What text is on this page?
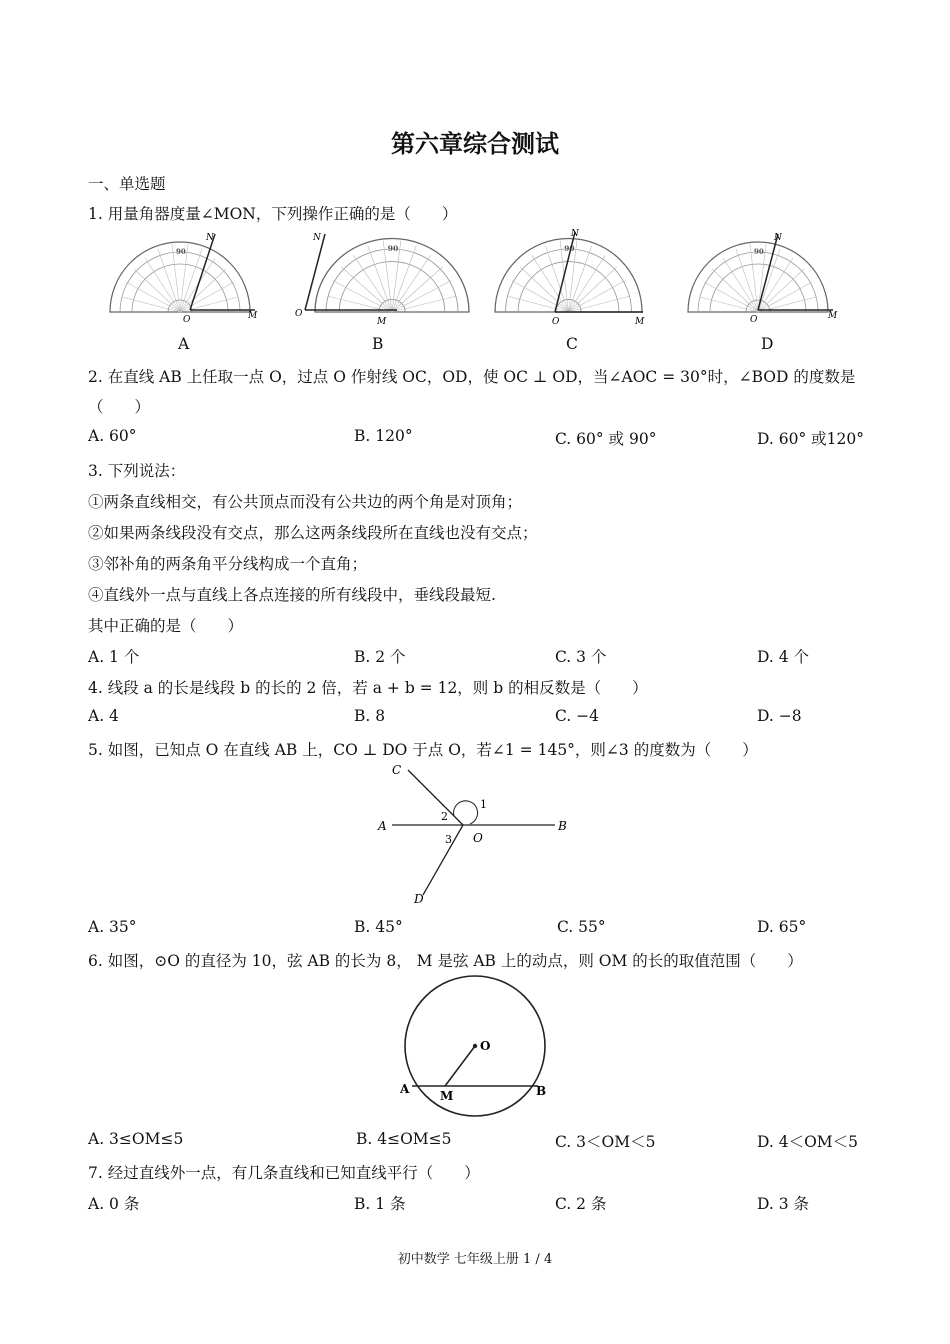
第六章综合测试
一、单选题
1. 用量角器度量∠MON，下列操作正确的是（　　）
90
O	M
N
O
M
N
O	M
N
O	M
N
A	B	C	D
2. 在直线 AB 上任取一点 O，过点 O 作射线 OC，OD，使 OC ⊥ OD，当∠AOC = 30°时，∠BOD 的度数是
（　　）
A. 60°	B. 120°	C. 60° 或 90°	D. 60° 或120°
3. 下列说法：
①两条直线相交，有公共顶点而没有公共边的两个角是对顶角；
②如果两条线段没有交点，那么这两条线段所在直线也没有交点；
③邻补角的两条角平分线构成一个直角；
④直线外一点与直线上各点连接的所有线段中，垂线段最短.
其中正确的是（　　）
A. 1 个	B. 2 个	C. 3 个	D. 4 个
4. 线段 a 的长是线段 b 的长的 2 倍，若 a + b = 12，则 b 的相反数是（　　）
A. 4	B. 8	C. −4	D. −8
5. 如图，已知点 O 在直线 AB 上，CO ⊥ DO 于点 O，若∠1 = 145°，则∠3 的度数为（　　）
A	B
C
D
O
1
2
3
A. 35°	B. 45°	C. 55°	D. 65°
6. 如图，⊙O 的直径为 10，弦 AB 的长为 8， M 是弦 AB 上的动点，则 OM 的长的取值范围（　　）
O
A	B
M
A. 3≤OM≤5	B. 4≤OM≤5	C. 3＜OM＜5	D. 4＜OM＜5
7. 经过直线外一点，有几条直线和已知直线平行（　　）
A. 0 条	B. 1 条	C. 2 条	D. 3 条
初中数学 七年级上册 1 / 4
